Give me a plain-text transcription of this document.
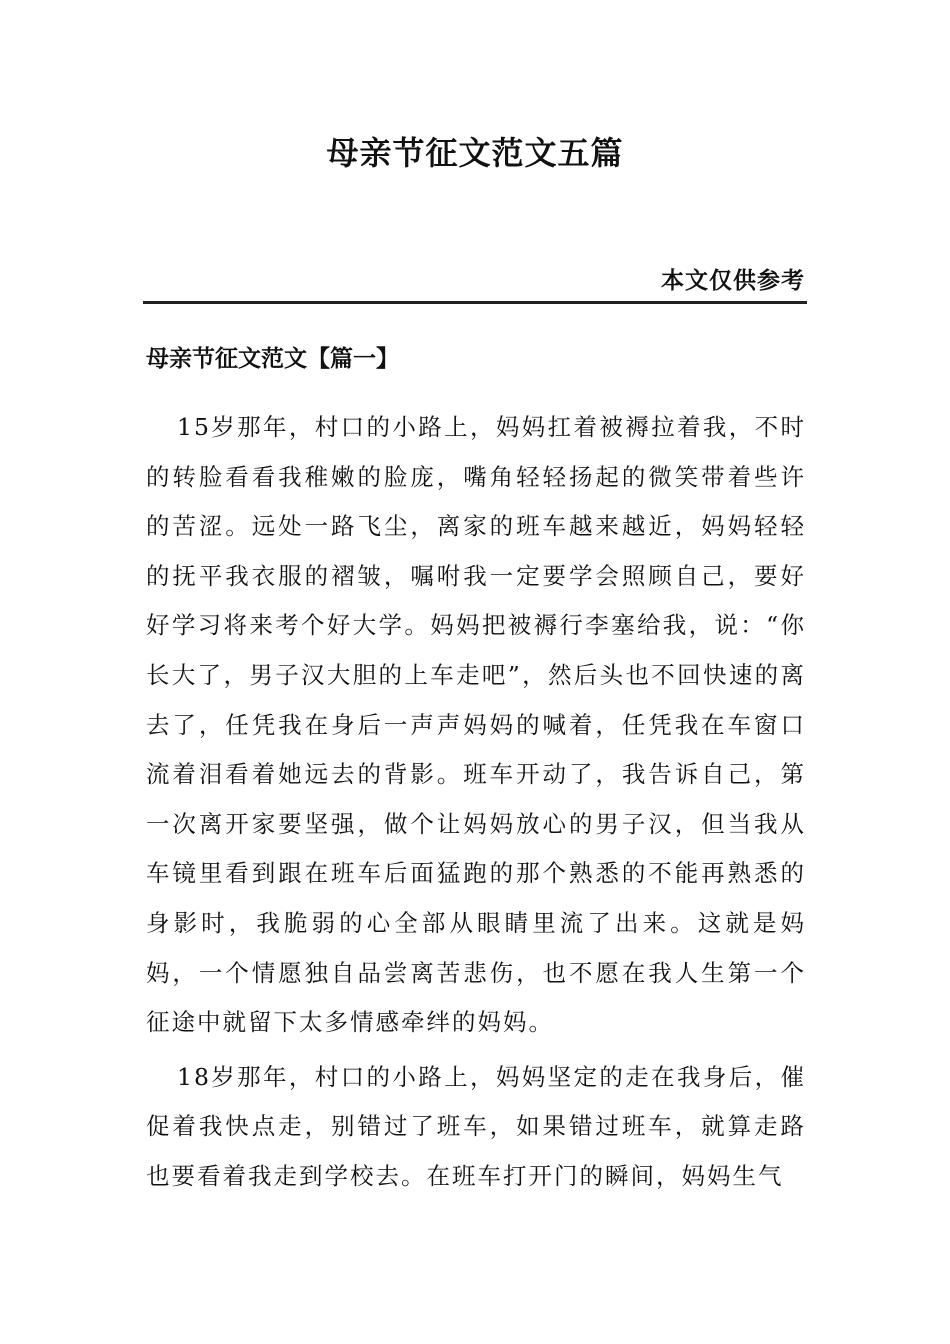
母亲节征文范文五篇
本文仅供参考
母亲节征文范文【篇一】

15岁那年，村口的小路上，妈妈扛着被褥拉着我，不时的转脸看看我稚嫩的脸庞，嘴角轻轻扬起的微笑带着些许的苦涩。远处一路飞尘，离家的班车越来越近，妈妈轻轻的抚平我衣服的褶皱，嘱咐我一定要学会照顾自己，要好好学习将来考个好大学。妈妈把被褥行李塞给我，说：“你长大了，男子汉大胆的上车走吧”，然后头也不回快速的离去了，任凭我在身后一声声妈妈的喊着，任凭我在车窗口流着泪看着她远去的背影。班车开动了，我告诉自己，第一次离开家要坚强，做个让妈妈放心的男子汉，但当我从车镜里看到跟在班车后面猛跑的那个熟悉的不能再熟悉的身影时，我脆弱的心全部从眼睛里流了出来。这就是妈妈，一个情愿独自品尝离苦悲伤，也不愿在我人生第一个征途中就留下太多情感牵绊的妈妈。

18岁那年，村口的小路上，妈妈坚定的走在我身后，催促着我快点走，别错过了班车，如果错过班车，就算走路也要看着我走到学校去。在班车打开门的瞬间，妈妈生气
